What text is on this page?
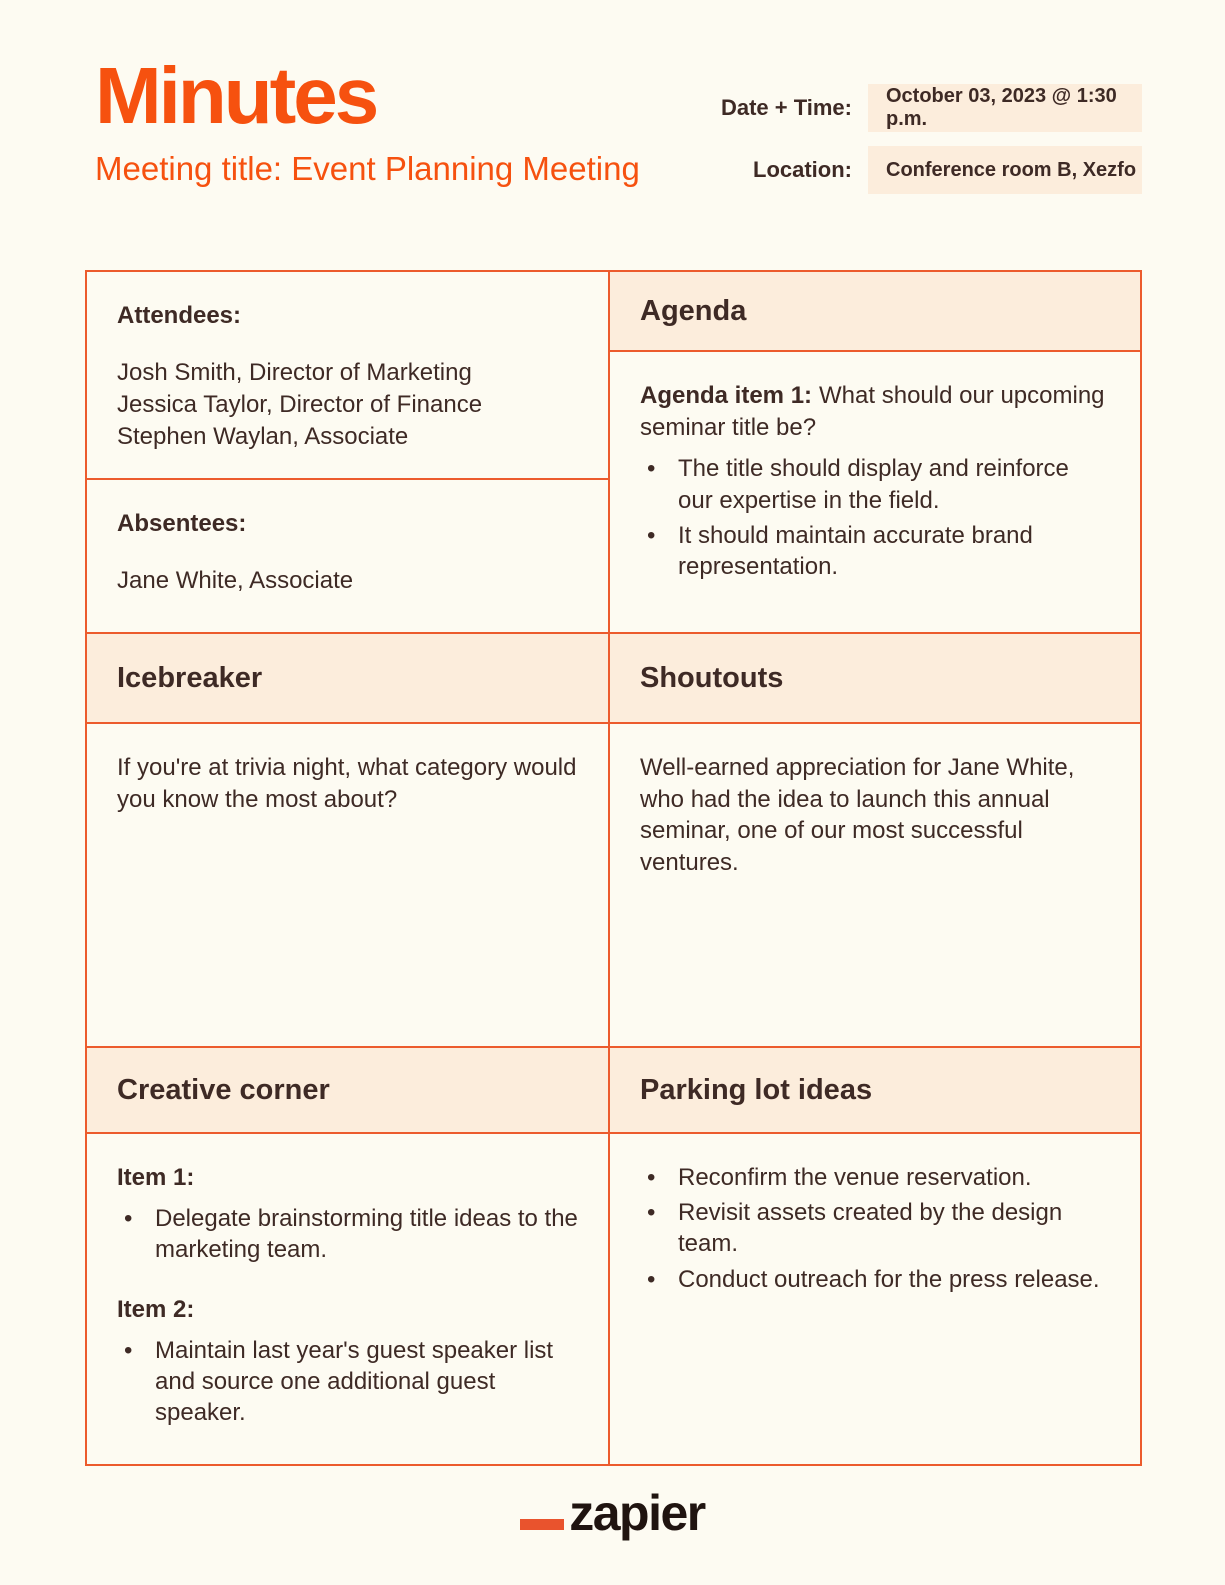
Minutes
Meeting title: Event Planning Meeting
Date + Time:	October 03, 2023 @ 1:30 p.m.
Location:	Conference room B, Xezfo
Attendees:
Josh Smith, Director of Marketing
Jessica Taylor, Director of Finance
Stephen Waylan, Associate
Absentees:
Jane White, Associate
Icebreaker

If you're at trivia night, what category would you know the most about?

Creative corner
Item 1:
• Delegate brainstorming title ideas to the marketing team.
Item 2:
• Maintain last year's guest speaker list and source one additional guest speaker.
Agenda

Agenda item 1: What should our upcoming seminar title be?

• The title should display and reinforce our expertise in the field.
• It should maintain accurate brand representation.
Shoutouts

Well-earned appreciation for Jane White, who had the idea to launch this annual seminar, one of our most successful ventures.

Parking lot ideas
• Reconfirm the venue reservation.
• Revisit assets created by the design team.
• Conduct outreach for the press release.
zapier
